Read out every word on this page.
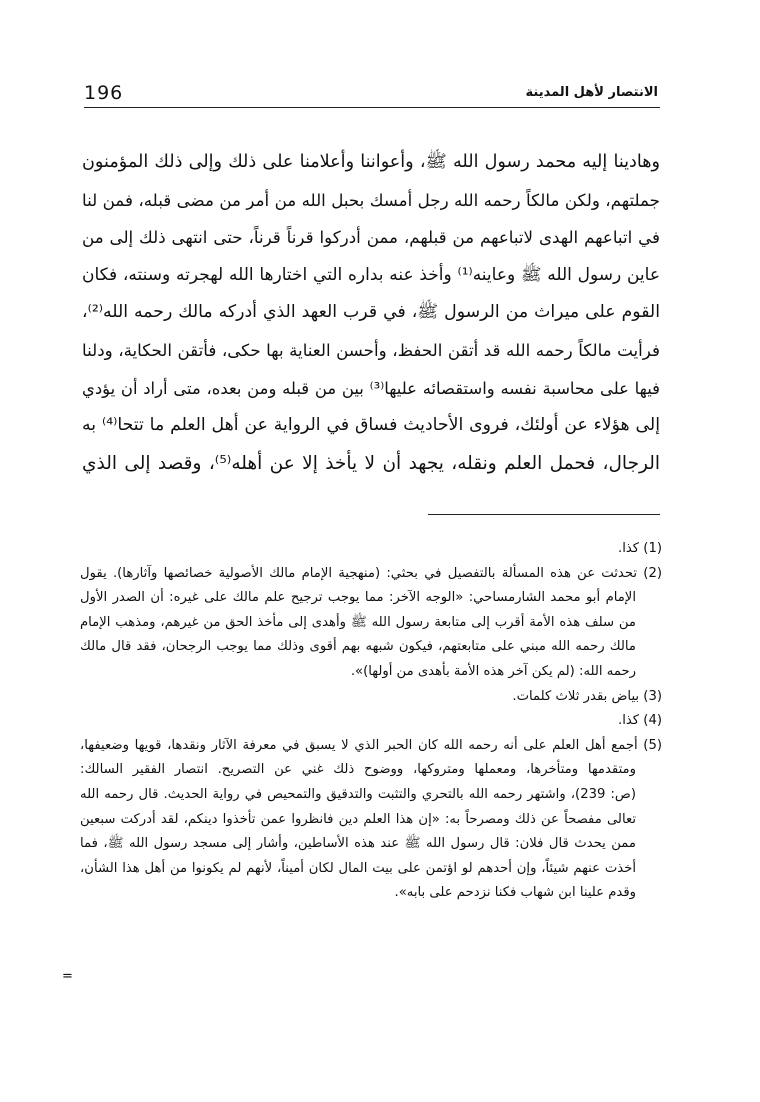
196	الانتصار لأهل المدينة
وهادينا إليه محمد رسول الله ﷺ، وأعواننا وأعلامنا على ذلك وإلى ذلك المؤمنون
جملتهم، ولكن مالكاً رحمه الله رجل أمسك بحبل الله من أمر من مضى قبله، فمن لنا
في اتباعهم الهدى لاتباعهم من قبلهم، ممن أدركوا قرناً قرناً، حتى انتهى ذلك إلى من
عاين رسول الله ﷺ وعاينه⁽¹⁾ وأخذ عنه بداره التي اختارها الله لهجرته وسنته، فكان
القوم على ميراث من الرسول ﷺ، في قرب العهد الذي أدركه مالك رحمه الله⁽²⁾،
فرأيت مالكاً رحمه الله قد أتقن الحفظ، وأحسن العناية بها حكى، فأتقن الحكاية، ودلنا
فيها على محاسبة نفسه واستقصائه عليها⁽³⁾ بين من قبله ومن بعده، متى أراد أن يؤدي
إلى هؤلاء عن أولئك، فروى الأحاديث فساق في الرواية عن أهل العلم ما تتحا⁽⁴⁾ به
الرجال، فحمل العلم ونقله، يجهد أن لا يأخذ إلا عن أهله⁽⁵⁾، وقصد إلى الذي
(1) كذا.
(2) تحدثت عن هذه المسألة بالتفصيل في بحثي: (منهجية الإمام مالك الأصولية خصائصها وآثارها). يقول
الإمام أبو محمد الشارمساحي: «الوجه الآخر: مما يوجب ترجيح علم مالك على غيره: أن الصدر الأول
من سلف هذه الأمة أقرب إلى متابعة رسول الله ﷺ وأهدى إلى مأخذ الحق من غيرهم، ومذهب الإمام
مالك رحمه الله مبني على متابعتهم، فيكون شبهه بهم أقوى وذلك مما يوجب الرجحان، فقد قال مالك
رحمه الله: (لم يكن آخر هذه الأمة بأهدى من أولها)».
(3) بياض بقدر ثلاث كلمات.
(4) كذا.
(5) أجمع أهل العلم على أنه رحمه الله كان الحبر الذي لا يسبق في معرفة الآثار ونقدها، قويها وضعيفها،
ومتقدمها ومتأخرها، ومعملها ومتروكها، ووضوح ذلك غني عن التصريح. انتصار الفقير السالك:
(ص: 239)، واشتهر رحمه الله بالتحري والتثبت والتدقيق والتمحيص في رواية الحديث. قال رحمه الله
تعالى مفصحاً عن ذلك ومصرحاً به: «إن هذا العلم دين فانظروا عمن تأخذوا دينكم، لقد أدركت سبعين
ممن يحدث قال فلان: قال رسول الله ﷺ عند هذه الأساطين، وأشار إلى مسجد رسول الله ﷺ، فما
أخذت عنهم شيئاً، وإن أحدهم لو اؤتمن على بيت المال لكان أميناً، لأنهم لم يكونوا من أهل هذا الشأن،
وقدم علينا ابن شهاب فكنا نزدحم على بابه».
=
